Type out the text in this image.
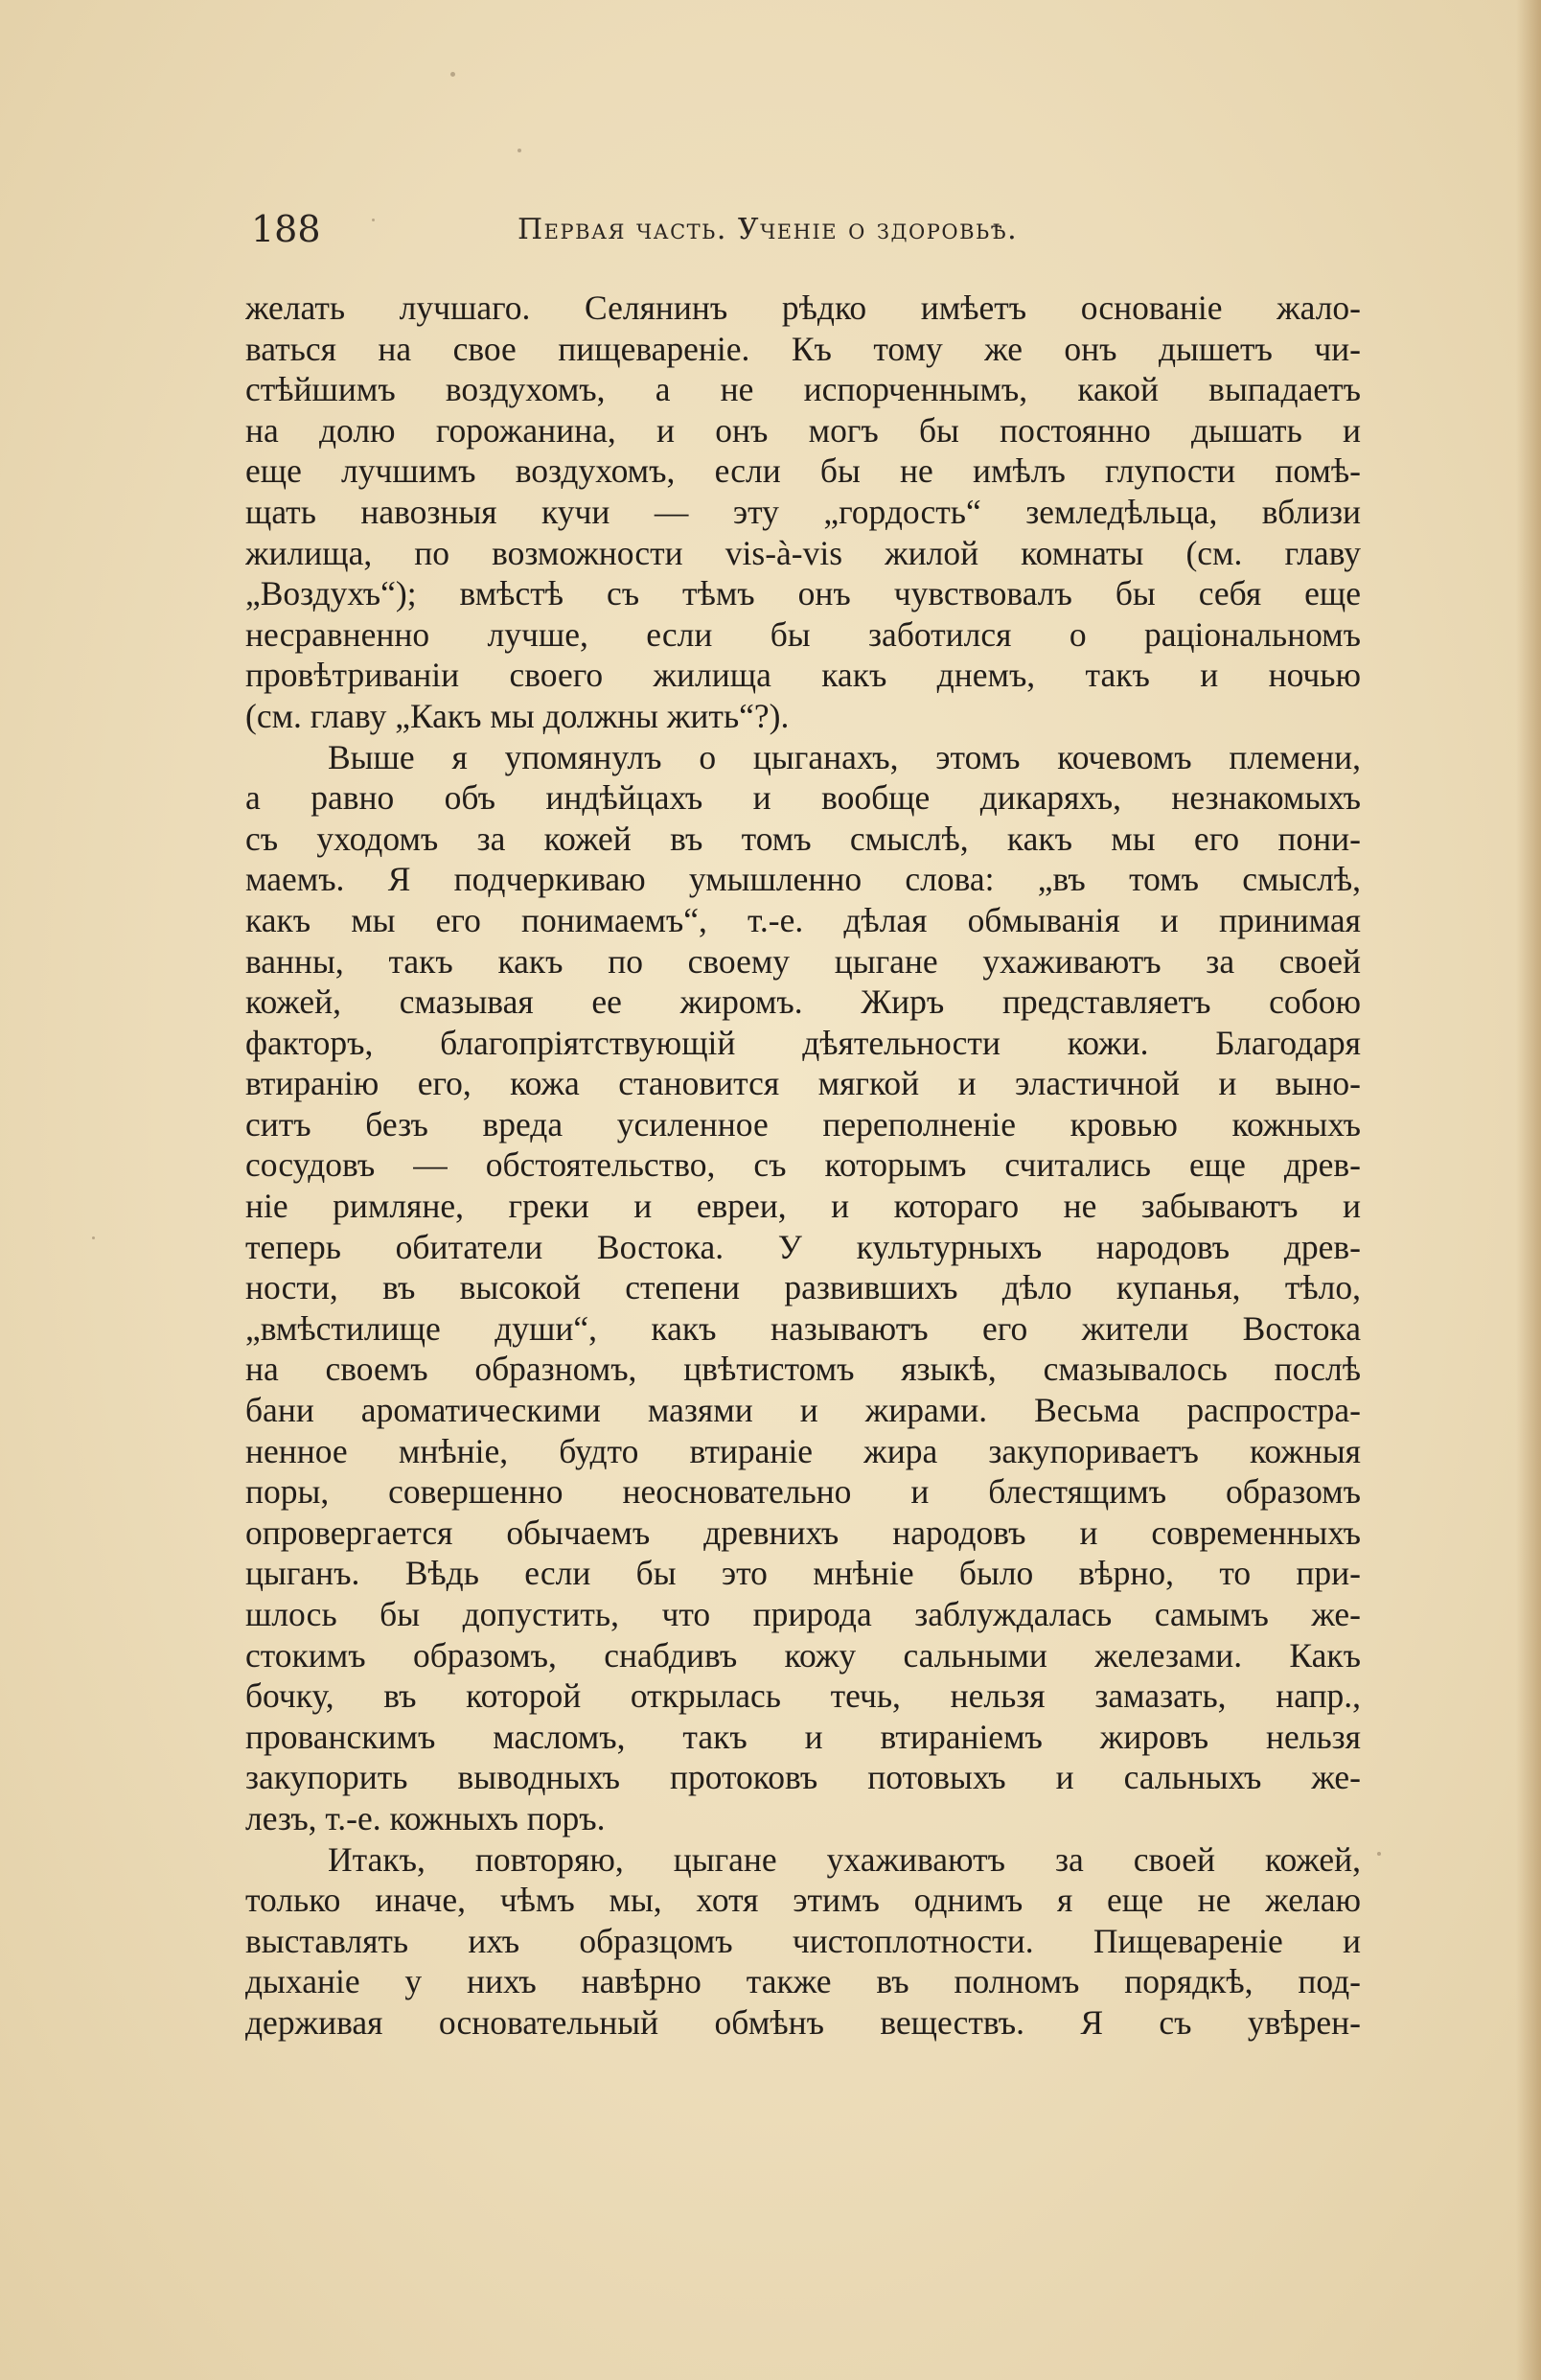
188	Первая часть. Ученіе о здоровьѣ.

желать лучшаго. Селянинъ рѣдко имѣетъ основаніе жало-
ваться на свое пищевареніе. Къ тому же онъ дышетъ чи-
стѣйшимъ воздухомъ, а не испорченнымъ, какой выпадаетъ
на долю горожанина, и онъ могъ бы постоянно дышать и
еще лучшимъ воздухомъ, если бы не имѣлъ глупости помѣ-
щать навозныя кучи — эту „гордость“ земледѣльца, вблизи
жилища, по возможности vis-à-vis жилой комнаты (см. главу
„Воздухъ“); вмѣстѣ съ тѣмъ онъ чувствовалъ бы себя еще
несравненно лучше, если бы заботился о раціональномъ
провѣтриваніи своего жилища какъ днемъ, такъ и ночью
(см. главу „Какъ мы должны жить“?).

Выше я упомянулъ о цыганахъ, этомъ кочевомъ племени,
а равно объ индѣйцахъ и вообще дикаряхъ, незнакомыхъ
съ уходомъ за кожей въ томъ смыслѣ, какъ мы его пони-
маемъ. Я подчеркиваю умышленно слова: „въ томъ смыслѣ,
какъ мы его понимаемъ“, т.-е. дѣлая обмыванія и принимая
ванны, такъ какъ по своему цыгане ухаживаютъ за своей
кожей, смазывая ее жиромъ. Жиръ представляетъ собою
факторъ, благопріятствующій дѣятельности кожи. Благодаря
втиранію его, кожа становится мягкой и эластичной и выно-
ситъ безъ вреда усиленное переполненіе кровью кожныхъ
сосудовъ — обстоятельство, съ которымъ считались еще древ-
ніе римляне, греки и евреи, и котораго не забываютъ и
теперь обитатели Востока. У культурныхъ народовъ древ-
ности, въ высокой степени развившихъ дѣло купанья, тѣло,
„вмѣстилище души“, какъ называютъ его жители Востока
на своемъ образномъ, цвѣтистомъ языкѣ, смазывалось послѣ
бани ароматическими мазями и жирами. Весьма распростра-
ненное мнѣніе, будто втираніе жира закупориваетъ кожныя
поры, совершенно неосновательно и блестящимъ образомъ
опровергается обычаемъ древнихъ народовъ и современныхъ
цыганъ. Вѣдь если бы это мнѣніе было вѣрно, то при-
шлось бы допустить, что природа заблуждалась самымъ же-
стокимъ образомъ, снабдивъ кожу сальными железами. Какъ
бочку, въ которой открылась течь, нельзя замазать, напр.,
прованскимъ масломъ, такъ и втираніемъ жировъ нельзя
закупорить выводныхъ протоковъ потовыхъ и сальныхъ же-
лезъ, т.-е. кожныхъ поръ.

Итакъ, повторяю, цыгане ухаживаютъ за своей кожей,
только иначе, чѣмъ мы, хотя этимъ однимъ я еще не желаю
выставлять ихъ образцомъ чистоплотности. Пищевареніе и
дыханіе у нихъ навѣрно также въ полномъ порядкѣ, под-
держивая основательный обмѣнъ веществъ. Я съ увѣрен-
